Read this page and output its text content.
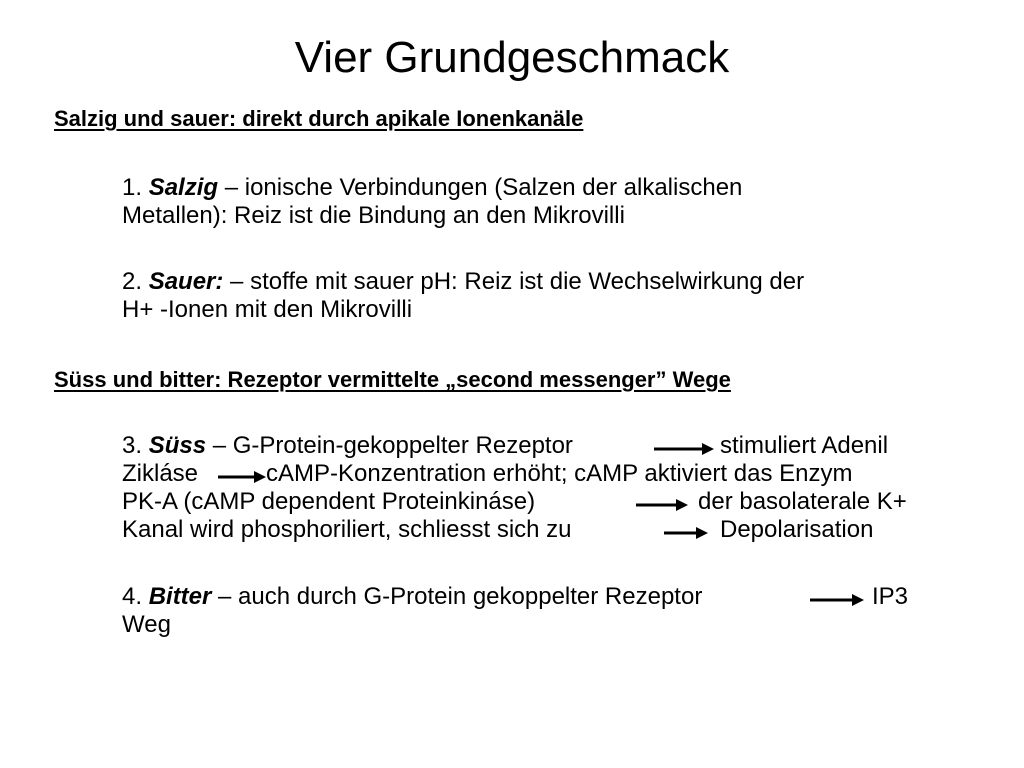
Vier Grundgeschmack
Salzig und sauer: direkt durch apikale Ionenkanäle
1. Salzig – ionische Verbindungen (Salzen der alkalischen
Metallen): Reiz ist die Bindung an den Mikrovilli
2. Sauer: – stoffe mit sauer pH: Reiz ist die Wechselwirkung der
H+ -Ionen mit den Mikrovilli
Süss und bitter: Rezeptor vermittelte „second messenger” Wege
3. Süss – G-Protein-gekoppelter Rezeptor	stimuliert Adenil
Zikláse	cAMP-Konzentration erhöht; cAMP aktiviert das Enzym
PK-A (cAMP dependent Proteinkináse)	der basolaterale K+
Kanal wird phosphoriliert, schliesst sich zu	Depolarisation
4. Bitter – auch durch G-Protein gekoppelter Rezeptor	IP3
Weg
